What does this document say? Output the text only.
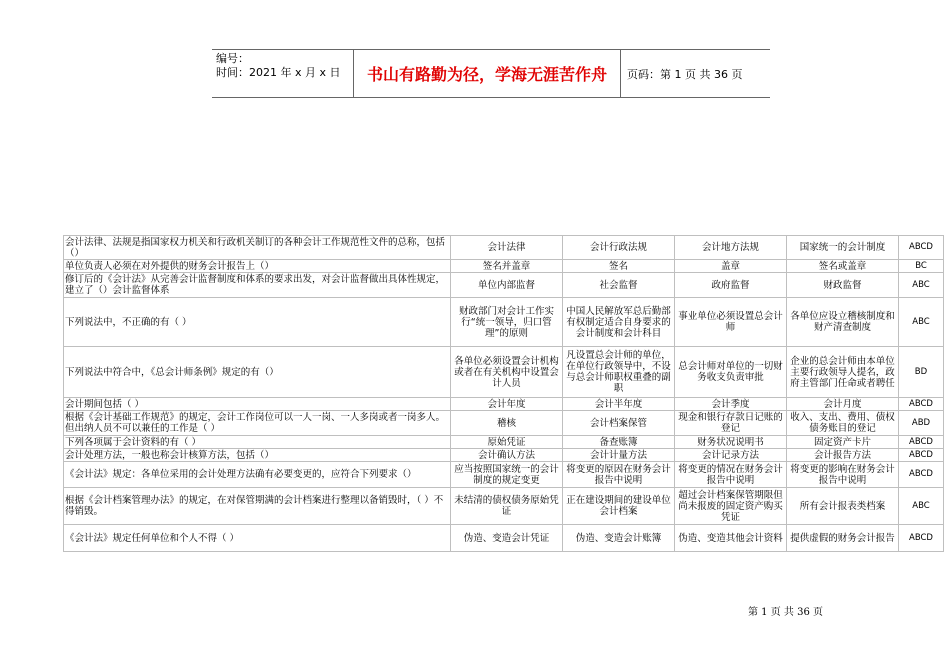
编号：
时间：2021 年 x 月 x 日	书山有路勤为径，学海无涯苦作舟	页码：第 1 页 共 36 页
会计法律、法规是指国家权力机关和行政机关制订的各种会计工作规范性文件的总称，包括（）	会计法律	会计行政法规	会计地方法规	国家统一的会计制度	ABCD
单位负责人必须在对外提供的财务会计报告上（）	签名并盖章	签名	盖章	签名或盖章	BC
修订后的《会计法》从完善会计监督制度和体系的要求出发，对会计监督做出具体性规定，建立了（）会计监督体系	单位内部监督	社会监督	政府监督	财政监督	ABC
下列说法中，不正确的有（ ）	财政部门对会计工作实行“统一领导，归口管理”的原则	中国人民解放军总后勤部有权制定适合自身要求的会计制度和会计科目	事业单位必须设置总会计师	各单位应设立稽核制度和财产清查制度	ABC
下列说法中符合中，《总会计师条例》规定的有（）	各单位必须设置会计机构或者在有关机构中设置会计人员	凡设置总会计师的单位，在单位行政领导中，不设与总会计师职权重叠的副职	总会计师对单位的一切财务收支负责审批	企业的总会计师由本单位主要行政领导人提名，政府主管部门任命或者聘任	BD
会计期间包括（ ）	会计年度	会计半年度	会计季度	会计月度	ABCD
根据《会计基础工作规范》的规定，会计工作岗位可以一人一岗、一人多岗或者一岗多人。但出纳人员不可以兼任的工作是（ ）	稽核	会计档案保管	现金和银行存款日记账的登记	收入、支出、费用、债权债务账目的登记	ABD
下列各项属于会计资料的有（ ）	原始凭证	备查账簿	财务状况说明书	固定资产卡片	ABCD
会计处理方法，一般也称会计核算方法，包括（）	会计确认方法	会计计量方法	会计记录方法	会计报告方法	ABCD
《会计法》规定：各单位采用的会计处理方法确有必要变更的，应符合下列要求（）	应当按照国家统一的会计制度的规定变更	将变更的原因在财务会计报告中说明	将变更的情况在财务会计报告中说明	将变更的影响在财务会计报告中说明	ABCD
根据《会计档案管理办法》的规定，在对保管期满的会计档案进行整理以备销毁时，（ ）不得销毁。	未结清的债权债务原始凭证	正在建设期间的建设单位会计档案	超过会计档案保管期限但尚未报废的固定资产购买凭证	所有会计报表类档案	ABC
《会计法》规定任何单位和个人不得（ ）	伪造、变造会计凭证	伪造、变造会计账簿	伪造、变造其他会计资料	提供虚假的财务会计报告	ABCD
第 1 页 共 36 页
